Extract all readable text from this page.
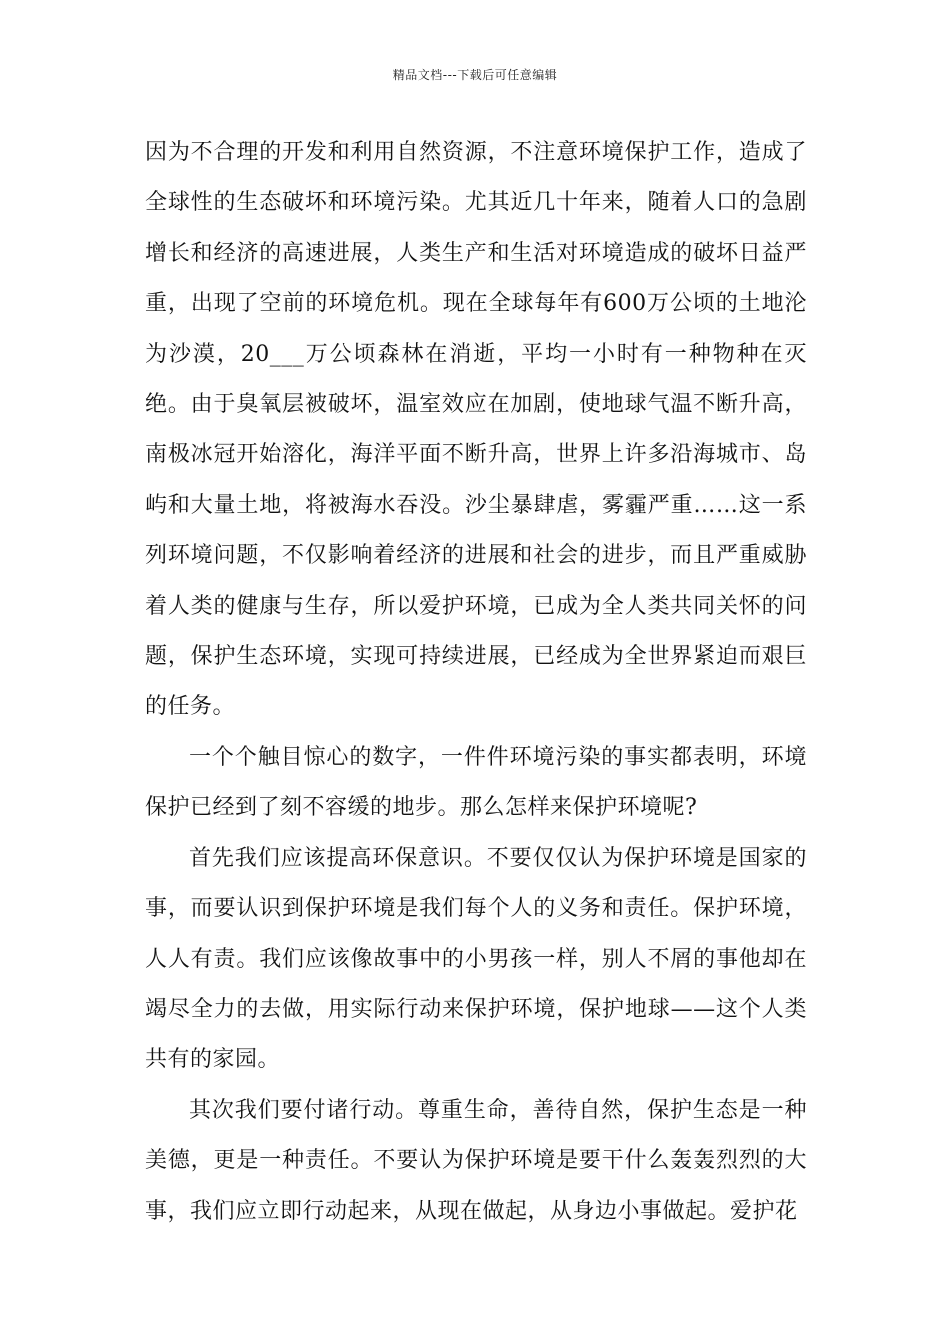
精品文档---下载后可任意编辑

因为不合理的开发和利用自然资源，不注意环境保护工作，造成了全球性的生态破坏和环境污染。尤其近几十年来，随着人口的急剧增长和经济的高速进展，人类生产和生活对环境造成的破坏日益严重，出现了空前的环境危机。现在全球每年有600万公顷的土地沦为沙漠，20___万公顷森林在消逝，平均一小时有一种物种在灭绝。由于臭氧层被破坏，温室效应在加剧，使地球气温不断升高，南极冰冠开始溶化，海洋平面不断升高，世界上许多沿海城市、岛屿和大量土地，将被海水吞没。沙尘暴肆虐，雾霾严重……这一系列环境问题，不仅影响着经济的进展和社会的进步，而且严重威胁着人类的健康与生存，所以爱护环境，已成为全人类共同关怀的问题，保护生态环境，实现可持续进展，已经成为全世界紧迫而艰巨的任务。

一个个触目惊心的数字，一件件环境污染的事实都表明，环境保护已经到了刻不容缓的地步。那么怎样来保护环境呢?

首先我们应该提高环保意识。不要仅仅认为保护环境是国家的事，而要认识到保护环境是我们每个人的义务和责任。保护环境，人人有责。我们应该像故事中的小男孩一样，别人不屑的事他却在竭尽全力的去做，用实际行动来保护环境，保护地球——这个人类共有的家园。

其次我们要付诸行动。尊重生命，善待自然，保护生态是一种美德，更是一种责任。不要认为保护环境是要干什么轰轰烈烈的大事，我们应立即行动起来，从现在做起，从身边小事做起。爱护花
